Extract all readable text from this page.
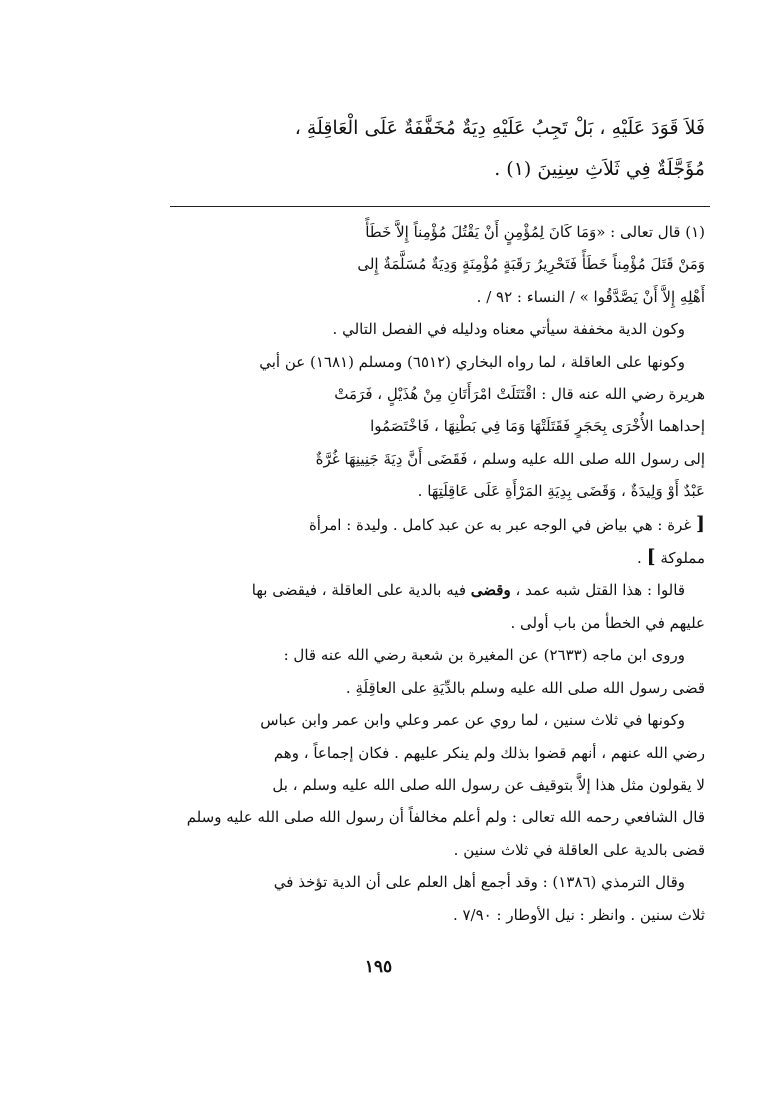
فَلاَ قَوَدَ عَلَيْهِ ، بَلْ تَجِبُ عَلَيْهِ دِيَةٌ مُخَفَّفَةٌ عَلَى الْعَاقِلَةِ ،

مُؤَجَّلَةٌ فِي ثَلاَثِ سِنِينَ (١) .

(١) قال تعالى : «وَمَا كَانَ لِمُؤْمِنٍ أَنْ يَقْتُلَ مُؤْمِناً إِلاَّ خَطَأً

وَمَنْ قَتَلَ مُؤْمِناً خَطَأً فَتَحْرِيرُ رَقَبَةٍ مُؤْمِنَةٍ وَدِيَةٌ مُسَلَّمَةٌ إِلى

أَهْلِهِ إِلاَّ أَنْ يَصَّدَّقُوا » / النساء : ٩٢ / .

وكون الدية مخففة سيأتي معناه ودليله في الفصل التالي .

وكونها على العاقلة ، لما رواه البخاري (٦٥١٢) ومسلم (١٦٨١) عن أبي

هريرة رضي الله عنه قال : اقْتَتَلَتْ امْرَأَتَانِ مِنْ هُذَيْلٍ ، فَرَمَتْ

إحداهما الأُخْرَى بِحَجَرٍ فَقَتَلَتْهَا وَمَا فِي بَطْنِهَا ، فَاخْتَصَمُوا

إلى رسول الله صلى الله عليه وسلم ، فَقَضَى أَنَّ دِيَةَ جَنِينِهَا غُرَّةٌ

عَبْدٌ أَوْ وَلِيدَةٌ ، وَقَضَى بِدِيَةِ المَرْأَةِ عَلَى عَاقِلَتِهَا .

[ غرة : هي بياض في الوجه عبر به عن عبد كامل . وليدة : امرأة

مملوكة ] .

قالوا : هذا القتل شبه عمد ، وقضى فيه بالدية على العاقلة ، فيقضى بها

عليهم في الخطأ من باب أولى .

وروى ابن ماجه (٢٦٣٣) عن المغيرة بن شعبة رضي الله عنه قال :

قضى رسول الله صلى الله عليه وسلم بالدِّيَةِ على العاقِلَةِ .

وكونها في ثلاث سنين ، لما روي عن عمر وعلي وابن عمر وابن عباس

رضي الله عنهم ، أنهم قضوا بذلك ولم ينكر عليهم . فكان إجماعاً ، وهم

لا يقولون مثل هذا إلاَّ بتوقيف عن رسول الله صلى الله عليه وسلم ، بل

قال الشافعي رحمه الله تعالى : ولم أعلم مخالفاً أن رسول الله صلى الله عليه وسلم

قضى بالدية على العاقلة في ثلاث سنين .

وقال الترمذي (١٣٨٦) : وقد أجمع أهل العلم على أن الدية تؤخذ في

ثلاث سنين . وانظر : نيل الأوطار : ٧/٩٠ .

١٩٥
